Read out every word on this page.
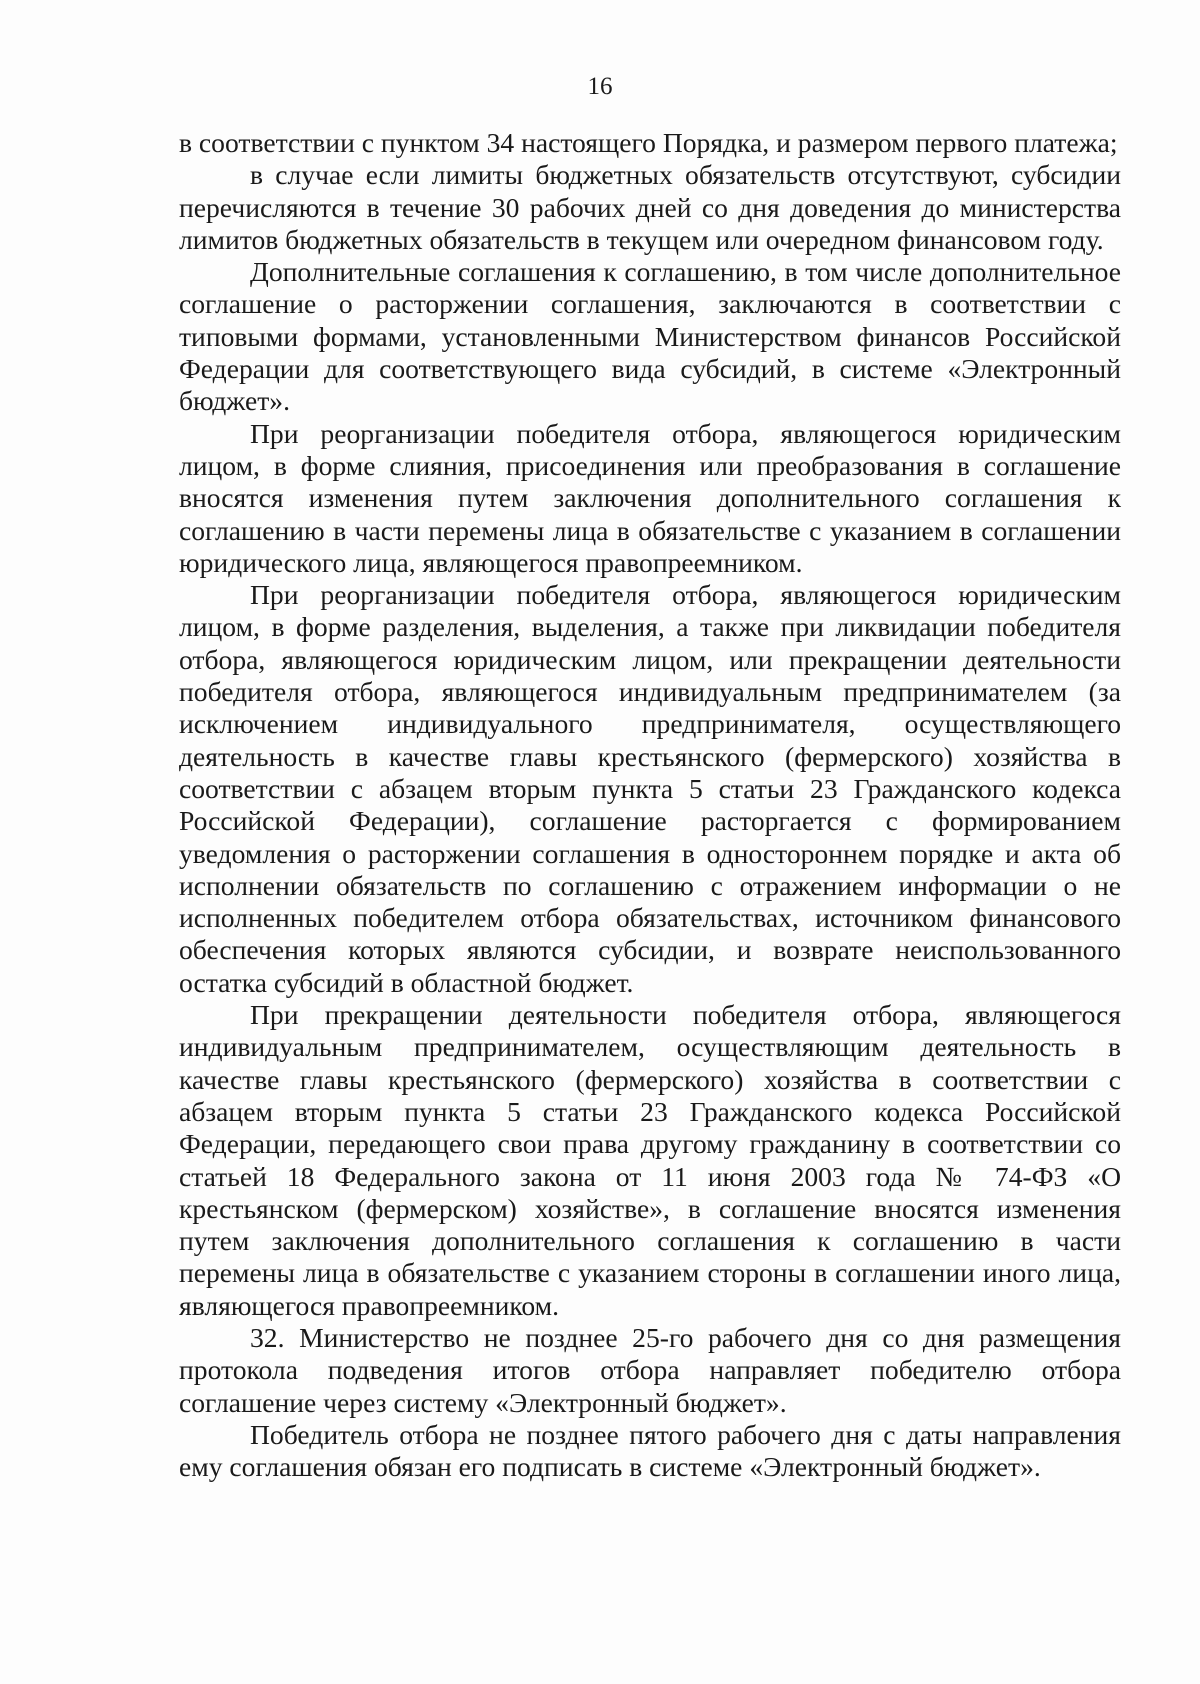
16

в соответствии с пунктом 34 настоящего Порядка, и размером первого платежа;

в случае если лимиты бюджетных обязательств отсутствуют, субсидии перечисляются в течение 30 рабочих дней со дня доведения до министерства лимитов бюджетных обязательств в текущем или очередном финансовом году.

Дополнительные соглашения к соглашению, в том числе дополнительное соглашение о расторжении соглашения, заключаются в соответствии с типовыми формами, установленными Министерством финансов Российской Федерации для соответствующего вида субсидий, в системе «Электронный бюджет».

При реорганизации победителя отбора, являющегося юридическим лицом, в форме слияния, присоединения или преобразования в соглашение вносятся изменения путем заключения дополнительного соглашения к соглашению в части перемены лица в обязательстве с указанием в соглашении юридического лица, являющегося правопреемником.

При реорганизации победителя отбора, являющегося юридическим лицом, в форме разделения, выделения, а также при ликвидации победителя отбора, являющегося юридическим лицом, или прекращении деятельности победителя отбора, являющегося индивидуальным предпринимателем (за исключением индивидуального предпринимателя, осуществляющего деятельность в качестве главы крестьянского (фермерского) хозяйства в соответствии с абзацем вторым пункта 5 статьи 23 Гражданского кодекса Российской Федерации), соглашение расторгается с формированием уведомления о расторжении соглашения в одностороннем порядке и акта об исполнении обязательств по соглашению с отражением информации о не исполненных победителем отбора обязательствах, источником финансового обеспечения которых являются субсидии, и возврате неиспользованного остатка субсидий в областной бюджет.

При прекращении деятельности победителя отбора, являющегося индивидуальным предпринимателем, осуществляющим деятельность в качестве главы крестьянского (фермерского) хозяйства в соответствии с абзацем вторым пункта 5 статьи 23 Гражданского кодекса Российской Федерации, передающего свои права другому гражданину в соответствии со статьей 18 Федерального закона от 11 июня 2003 года № 74-ФЗ «О крестьянском (фермерском) хозяйстве», в соглашение вносятся изменения путем заключения дополнительного соглашения к соглашению в части перемены лица в обязательстве с указанием стороны в соглашении иного лица, являющегося правопреемником.

32. Министерство не позднее 25-го рабочего дня со дня размещения протокола подведения итогов отбора направляет победителю отбора соглашение через систему «Электронный бюджет».

Победитель отбора не позднее пятого рабочего дня с даты направления ему соглашения обязан его подписать в системе «Электронный бюджет».
